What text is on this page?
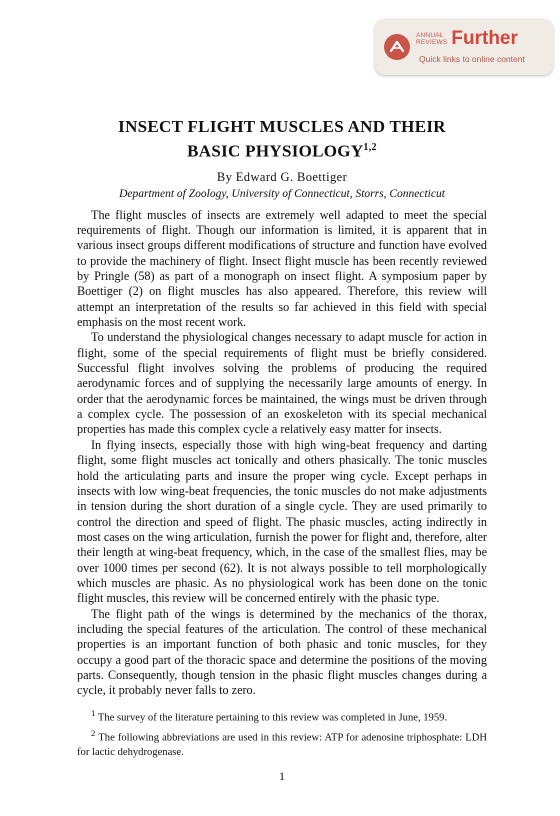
ANNUAL
REVIEWS Further
Quick links to online content
INSECT FLIGHT MUSCLES AND THEIR
BASIC PHYSIOLOGY$^{1,2}$
By Edward G. Boettiger
Department of Zoology, University of Connecticut, Storrs, Connecticut

The flight muscles of insects are extremely well adapted to meet the special requirements of flight. Though our information is limited, it is apparent that in various insect groups different modifications of structure and function have evolved to provide the machinery of flight. Insect flight muscle has been recently reviewed by Pringle (58) as part of a monograph on insect flight. A symposium paper by Boettiger (2) on flight muscles has also appeared. Therefore, this review will attempt an interpretation of the results so far achieved in this field with special emphasis on the most recent work.

To understand the physiological changes necessary to adapt muscle for action in flight, some of the special requirements of flight must be briefly considered. Successful flight involves solving the problems of producing the required aerodynamic forces and of supplying the necessarily large amounts of energy. In order that the aerodynamic forces be maintained, the wings must be driven through a complex cycle. The possession of an exoskeleton with its special mechanical properties has made this complex cycle a relatively easy matter for insects.

In flying insects, especially those with high wing-beat frequency and darting flight, some flight muscles act tonically and others phasically. The tonic muscles hold the articulating parts and insure the proper wing cycle. Except perhaps in insects with low wing-beat frequencies, the tonic muscles do not make adjustments in tension during the short duration of a single cycle. They are used primarily to control the direction and speed of flight. The phasic muscles, acting indirectly in most cases on the wing articulation, furnish the power for flight and, therefore, alter their length at wing-beat frequency, which, in the case of the smallest flies, may be over 1000 times per second (62). It is not always possible to tell morphologically which muscles are phasic. As no physiological work has been done on the tonic flight muscles, this review will be concerned entirely with the phasic type.

The flight path of the wings is determined by the mechanics of the thorax, including the special features of the articulation. The control of these mechanical properties is an important function of both phasic and tonic muscles, for they occupy a good part of the thoracic space and determine the positions of the moving parts. Consequently, though tension in the phasic flight muscles changes during a cycle, it probably never falls to zero.

$^1$ The survey of the literature pertaining to this review was completed in June, 1959.

$^2$ The following abbreviations are used in this review: ATP for adenosine triphosphate: LDH for lactic dehydrogenase.

1
